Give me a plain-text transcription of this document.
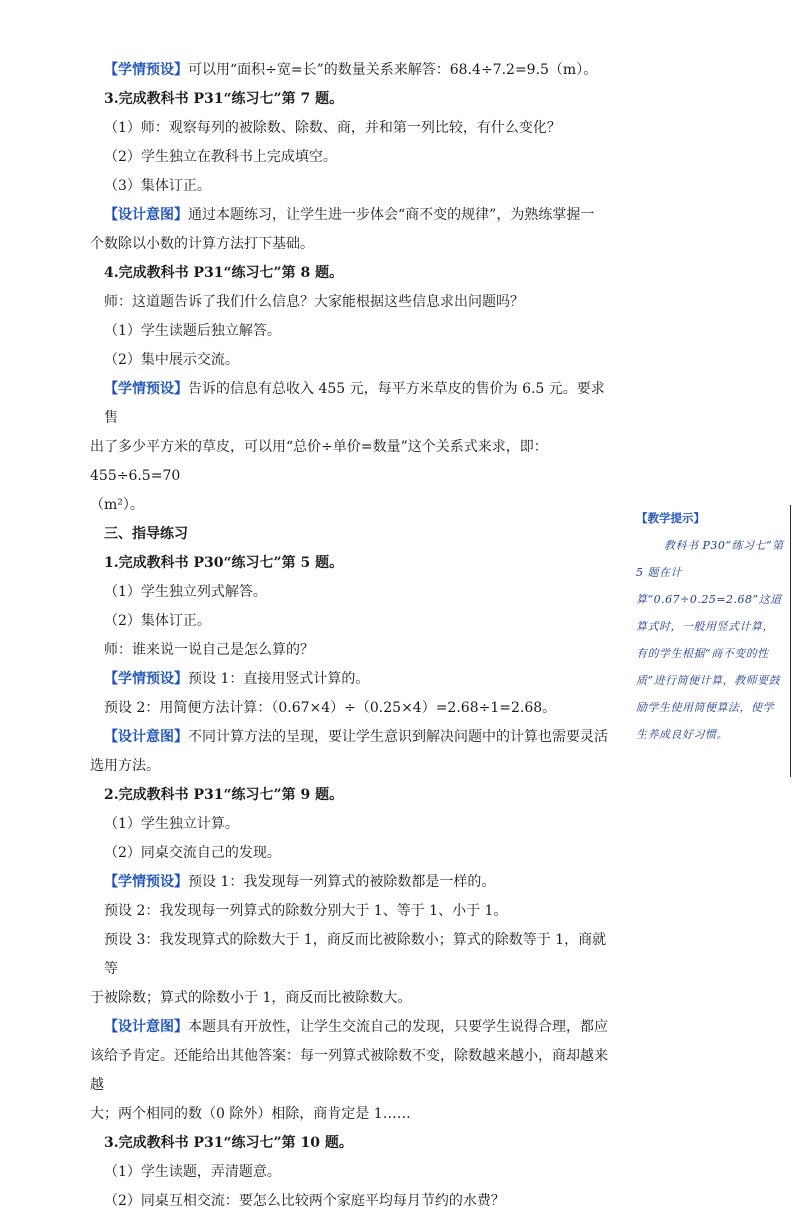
【学情预设】可以用“面积÷宽=长”的数量关系来解答：68.4÷7.2=9.5（m）。
3.完成教科书 P31“练习七”第 7 题。
（1）师：观察每列的被除数、除数、商，并和第一列比较，有什么变化？
（2）学生独立在教科书上完成填空。
（3）集体订正。
【设计意图】通过本题练习，让学生进一步体会“商不变的规律”，为熟练掌握一
个数除以小数的计算方法打下基础。
4.完成教科书 P31“练习七”第 8 题。
师：这道题告诉了我们什么信息？大家能根据这些信息求出问题吗？
（1）学生读题后独立解答。
（2）集中展示交流。
【学情预设】告诉的信息有总收入 455 元，每平方米草皮的售价为 6.5 元。要求售
出了多少平方米的草皮，可以用“总价÷单价=数量”这个关系式来求，即：455÷6.5=70
（m²）。
三、指导练习
1.完成教科书 P30“练习七”第 5 题。
（1）学生独立列式解答。
（2）集体订正。
师：谁来说一说自己是怎么算的？
【学情预设】预设 1：直接用竖式计算的。
预设 2：用简便方法计算：（0.67×4）÷（0.25×4）=2.68÷1=2.68。
【设计意图】不同计算方法的呈现，要让学生意识到解决问题中的计算也需要灵活
选用方法。
2.完成教科书 P31“练习七”第 9 题。
（1）学生独立计算。
（2）同桌交流自己的发现。
【学情预设】预设 1：我发现每一列算式的被除数都是一样的。
预设 2：我发现每一列算式的除数分别大于 1、等于 1、小于 1。
预设 3：我发现算式的除数大于 1，商反而比被除数小；算式的除数等于 1，商就等
于被除数；算式的除数小于 1，商反而比被除数大。
【设计意图】本题具有开放性，让学生交流自己的发现，只要学生说得合理，都应
该给予肯定。还能给出其他答案：每一列算式被除数不变，除数越来越小，商却越来越
大；两个相同的数（0 除外）相除，商肯定是 1……
3.完成教科书 P31“练习七”第 10 题。
（1）学生读题，弄清题意。
（2）同桌互相交流：要怎么比较两个家庭平均每月节约的水费？
【教学提示】
教科书 P30“练习七”第 5 题在计算“0.67÷0.25=2.68”这道算式时，一般用竖式计算，有的学生根据“商不变的性质”进行简便计算，教师要鼓励学生使用简便算法，使学生养成良好习惯。
